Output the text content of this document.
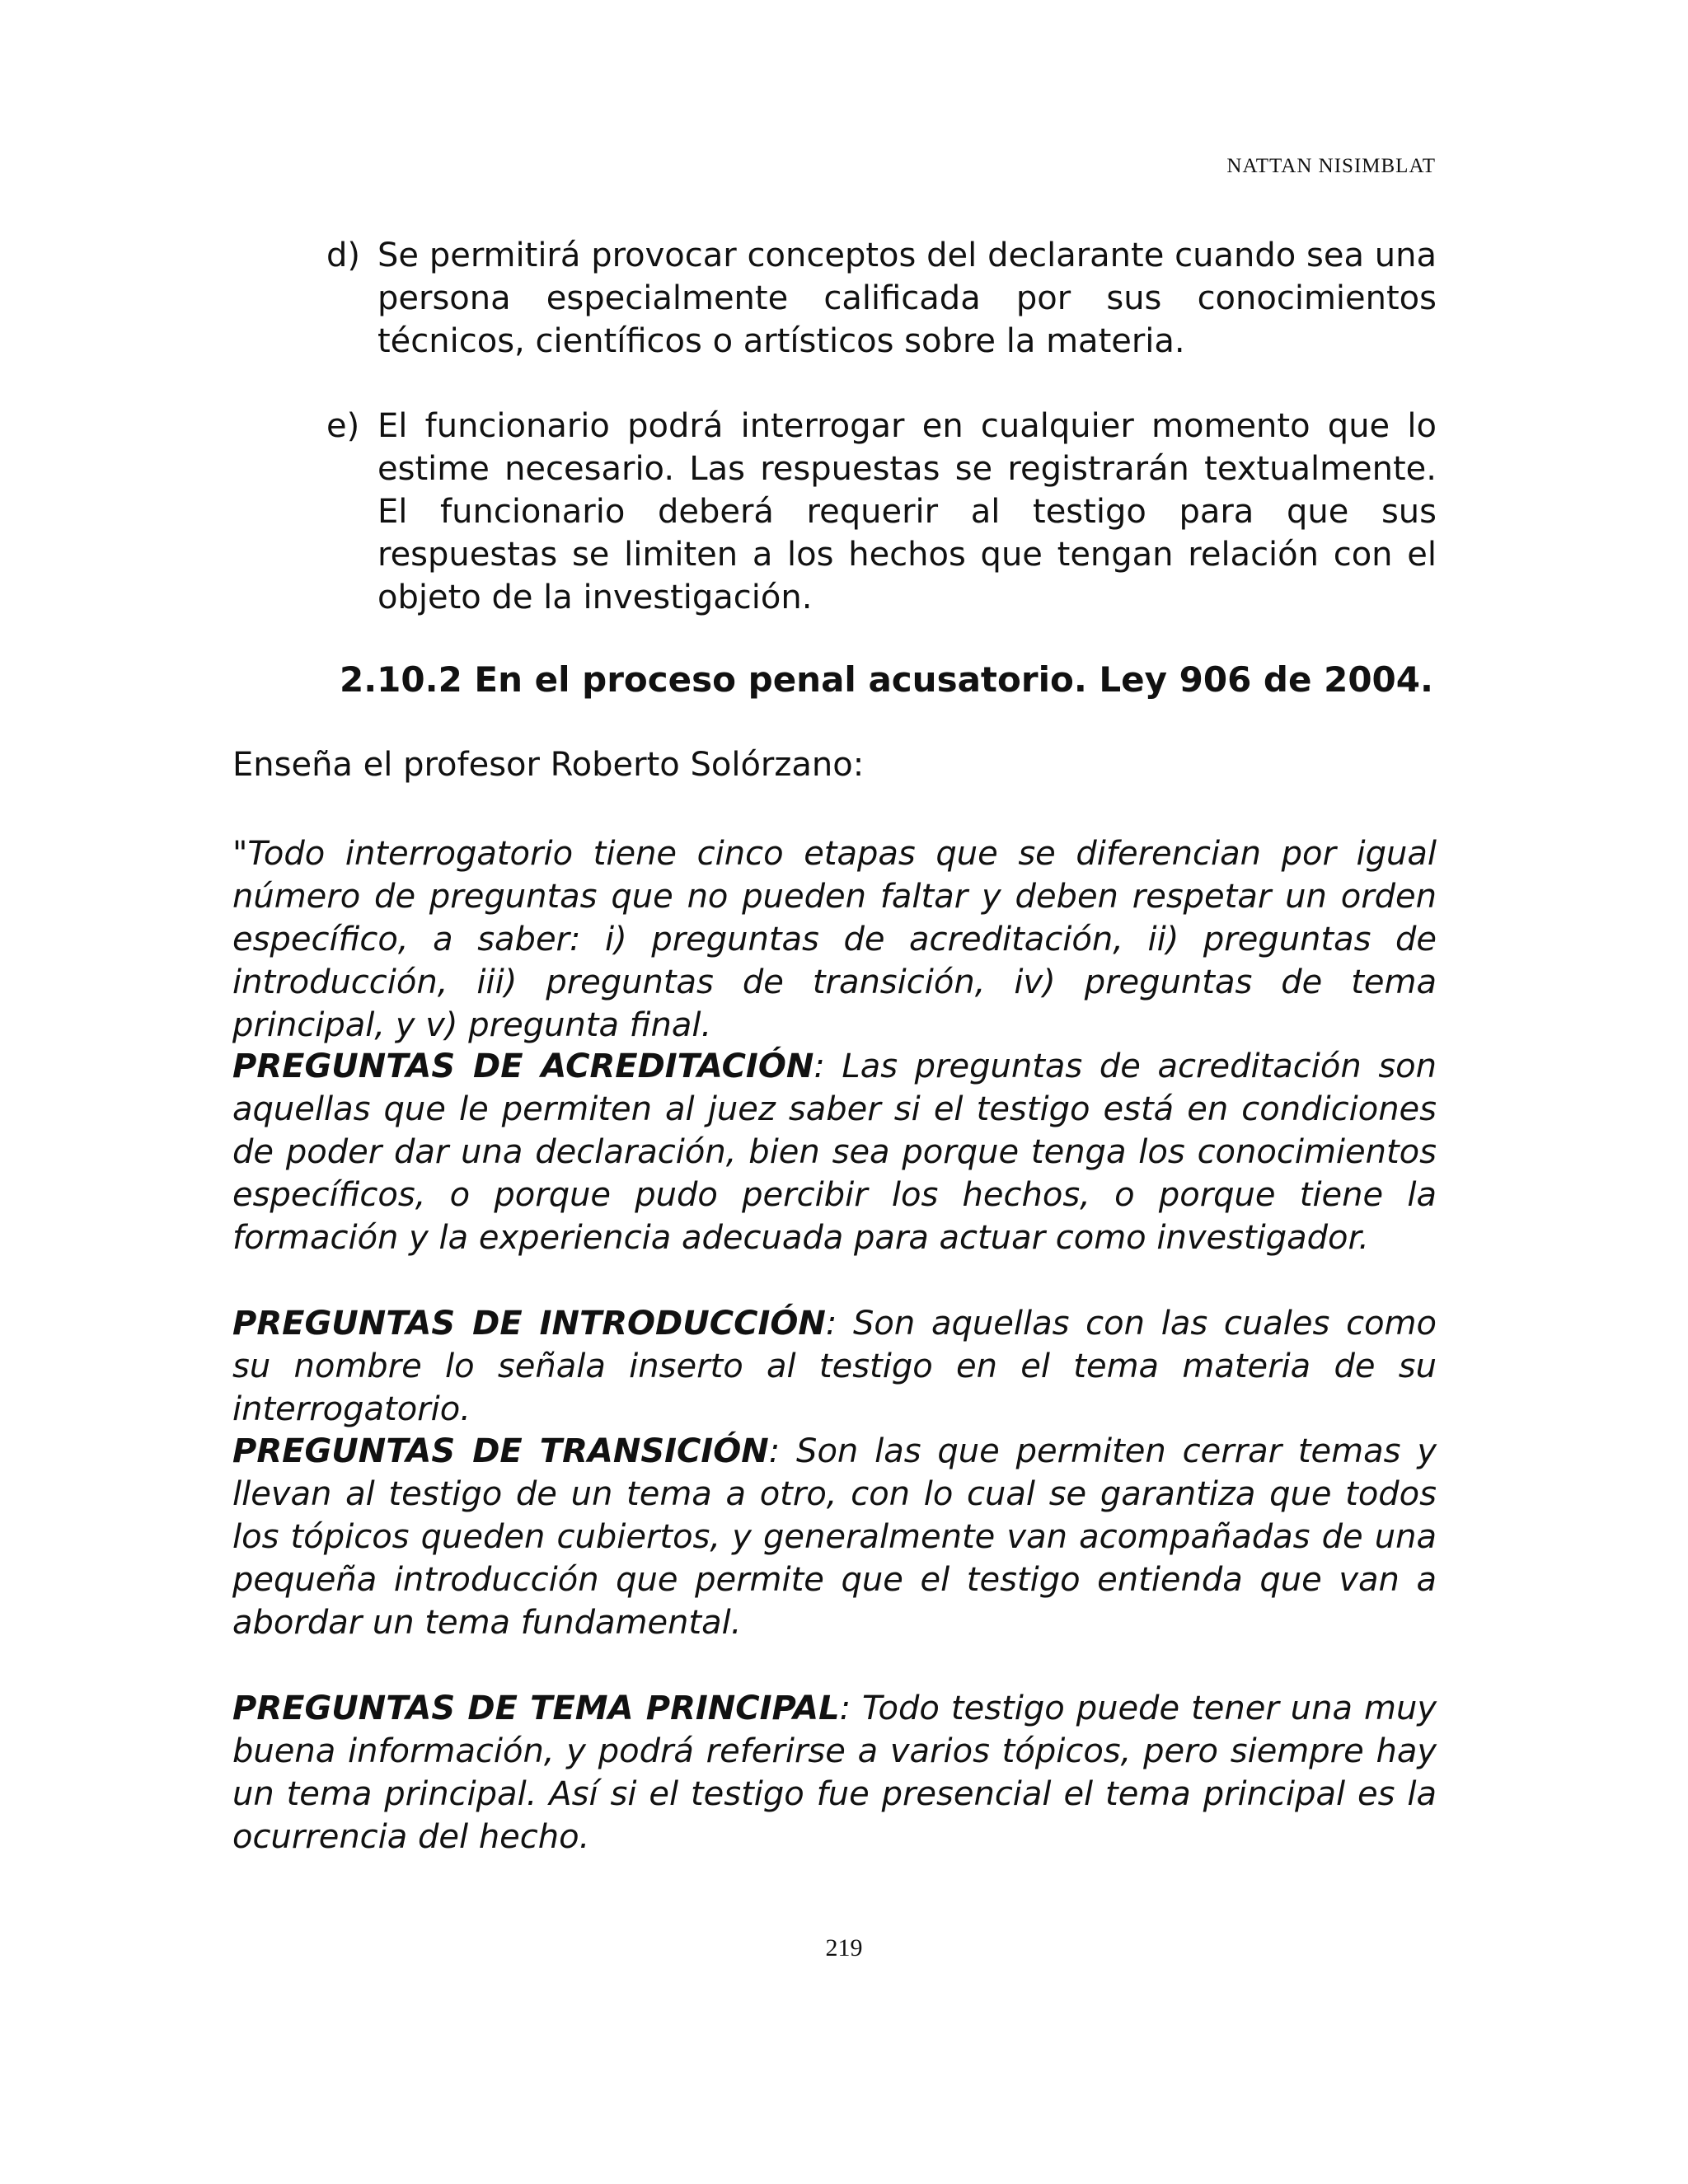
NATTAN NISIMBLAT
d) Se permitirá provocar conceptos del declarante cuando sea una persona especialmente calificada por sus conocimientos técnicos, científicos o artísticos sobre la materia.
e) El funcionario podrá interrogar en cualquier momento que lo estime necesario. Las respuestas se registrarán textualmente. El funcionario deberá requerir al testigo para que sus respuestas se limiten a los hechos que tengan relación con el objeto de la investigación.
2.10.2 En el proceso penal acusatorio. Ley 906 de 2004.

Enseña el profesor Roberto Solórzano:

"Todo interrogatorio tiene cinco etapas que se diferencian por igual número de preguntas que no pueden faltar y deben respetar un orden específico, a saber: i) preguntas de acreditación, ii) preguntas de introducción, iii) preguntas de transición, iv) preguntas de tema principal, y v) pregunta final.

PREGUNTAS DE ACREDITACIÓN: Las preguntas de acreditación son aquellas que le permiten al juez saber si el testigo está en condiciones de poder dar una declaración, bien sea porque tenga los conocimientos específicos, o porque pudo percibir los hechos, o porque tiene la formación y la experiencia adecuada para actuar como investigador.

PREGUNTAS DE INTRODUCCIÓN: Son aquellas con las cuales como su nombre lo señala inserto al testigo en el tema materia de su interrogatorio.

PREGUNTAS DE TRANSICIÓN: Son las que permiten cerrar temas y llevan al testigo de un tema a otro, con lo cual se garantiza que todos los tópicos queden cubiertos, y generalmente van acompañadas de una pequeña introducción que permite que el testigo entienda que van a abordar un tema fundamental.

PREGUNTAS DE TEMA PRINCIPAL: Todo testigo puede tener una muy buena información, y podrá referirse a varios tópicos, pero siempre hay un tema principal. Así si el testigo fue presencial el tema principal es la ocurrencia del hecho.

219
